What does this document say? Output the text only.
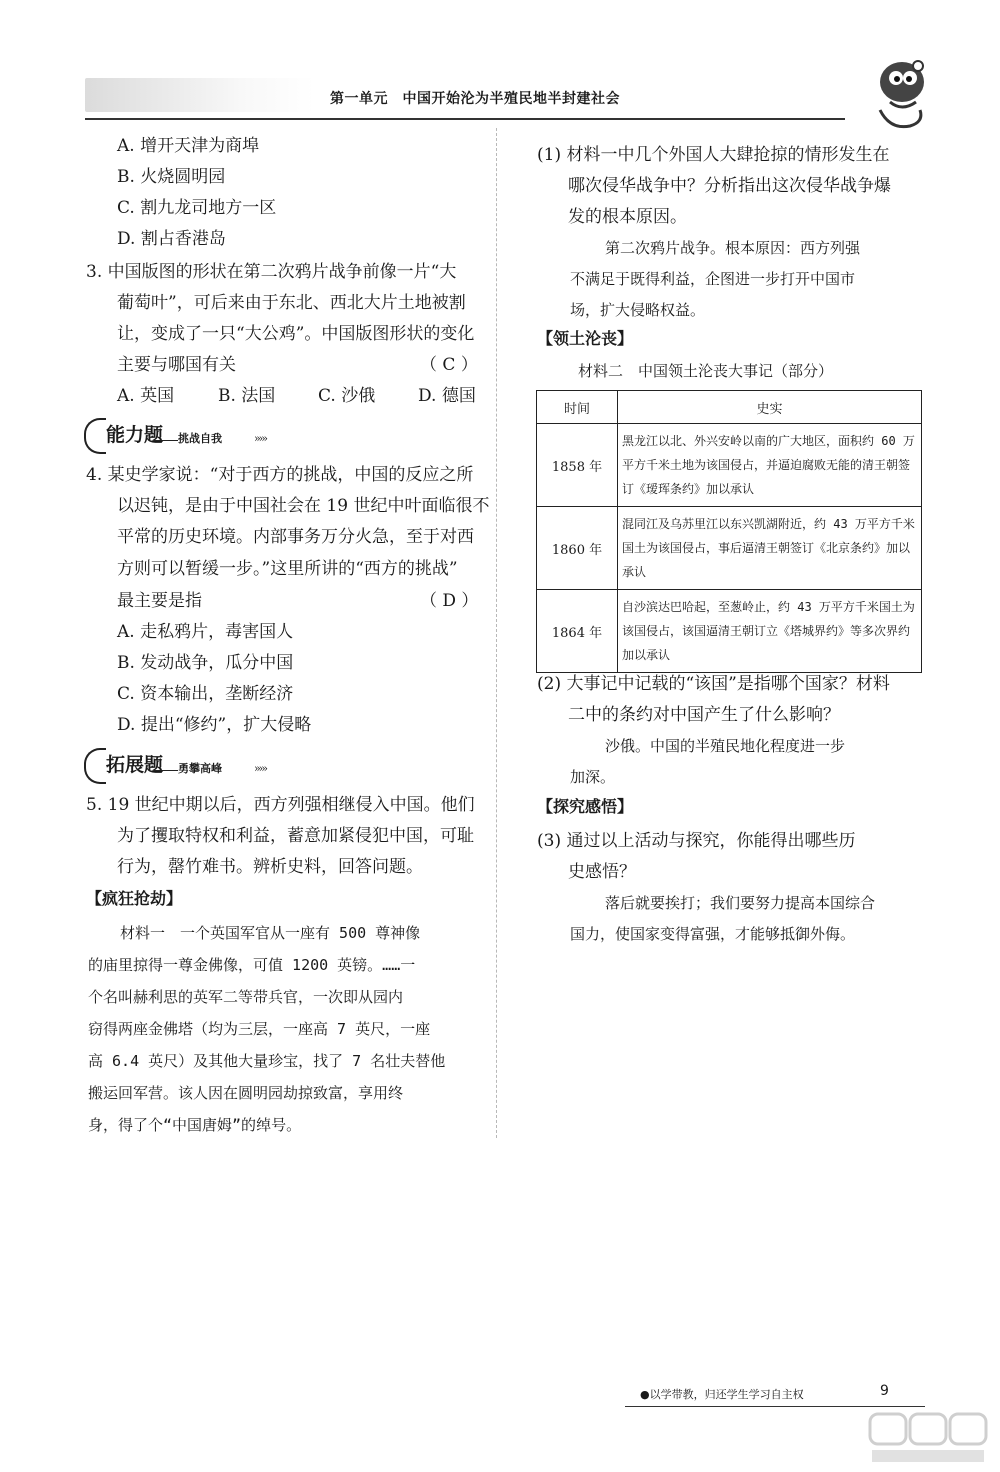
第一单元　中国开始沦为半殖民地半封建社会
A. 增开天津为商埠
B. 火烧圆明园
C. 割九龙司地方一区
D. 割占香港岛
3. 中国版图的形状在第二次鸦片战争前像一片“大
葡萄叶”，可后来由于东北、西北大片土地被割
让，变成了一只“大公鸡”。中国版图形状的变化
主要与哪国有关	（ C ）
A. 英国	B. 法国	C. 沙俄	D. 德国
能力题 挑战自我	›››››
4. 某史学家说：“对于西方的挑战，中国的反应之所
以迟钝，是由于中国社会在 19 世纪中叶面临很不
平常的历史环境。内部事务万分火急，至于对西
方则可以暂缓一步。”这里所讲的“西方的挑战”
最主要是指	（ D ）
A. 走私鸦片，毒害国人
B. 发动战争，瓜分中国
C. 资本输出，垄断经济
D. 提出“修约”，扩大侵略
拓展题 勇攀高峰	›››››
5. 19 世纪中期以后，西方列强相继侵入中国。他们
为了攫取特权和利益，蓄意加紧侵犯中国，可耻
行为，罄竹难书。辨析史料，回答问题。
【疯狂抢劫】
材料一　一个英国军官从一座有 500 尊神像
的庙里掠得一尊金佛像，可值 1200 英镑。……一
个名叫赫利思的英军二等带兵官，一次即从园内
窃得两座金佛塔（均为三层，一座高 7 英尺，一座
高 6.4 英尺）及其他大量珍宝，找了 7 名壮夫替他
搬运回军营。该人因在圆明园劫掠致富，享用终
身，得了个“中国唐姆”的绰号。
(1) 材料一中几个外国人大肆抢掠的情形发生在
哪次侵华战争中？分析指出这次侵华战争爆
发的根本原因。
第二次鸦片战争。根本原因：西方列强
不满足于既得利益，企图进一步打开中国市
场，扩大侵略权益。
【领土沦丧】
材料二　中国领土沦丧大事记（部分）
时间	史实
1858 年	黑龙江以北、外兴安岭以南的广大地区，面积约 60 万平方千米土地为该国侵占，并逼迫腐败无能的清王朝签订《瑷珲条约》加以承认
1860 年	混同江及乌苏里江以东兴凯湖附近，约 43 万平方千米国土为该国侵占，事后逼清王朝签订《北京条约》加以承认
1864 年	自沙滨达巴哈起，至葱岭止，约 43 万平方千米国土为该国侵占，该国逼清王朝订立《塔城界约》等多次界约加以承认
(2) 大事记中记载的“该国”是指哪个国家？材料
二中的条约对中国产生了什么影响？
沙俄。中国的半殖民地化程度进一步
加深。
【探究感悟】
(3) 通过以上活动与探究，你能得出哪些历
史感悟？
落后就要挨打；我们要努力提高本国综合
国力，使国家变得富强，才能够抵御外侮。
●以学带教，归还学生学习自主权	9
